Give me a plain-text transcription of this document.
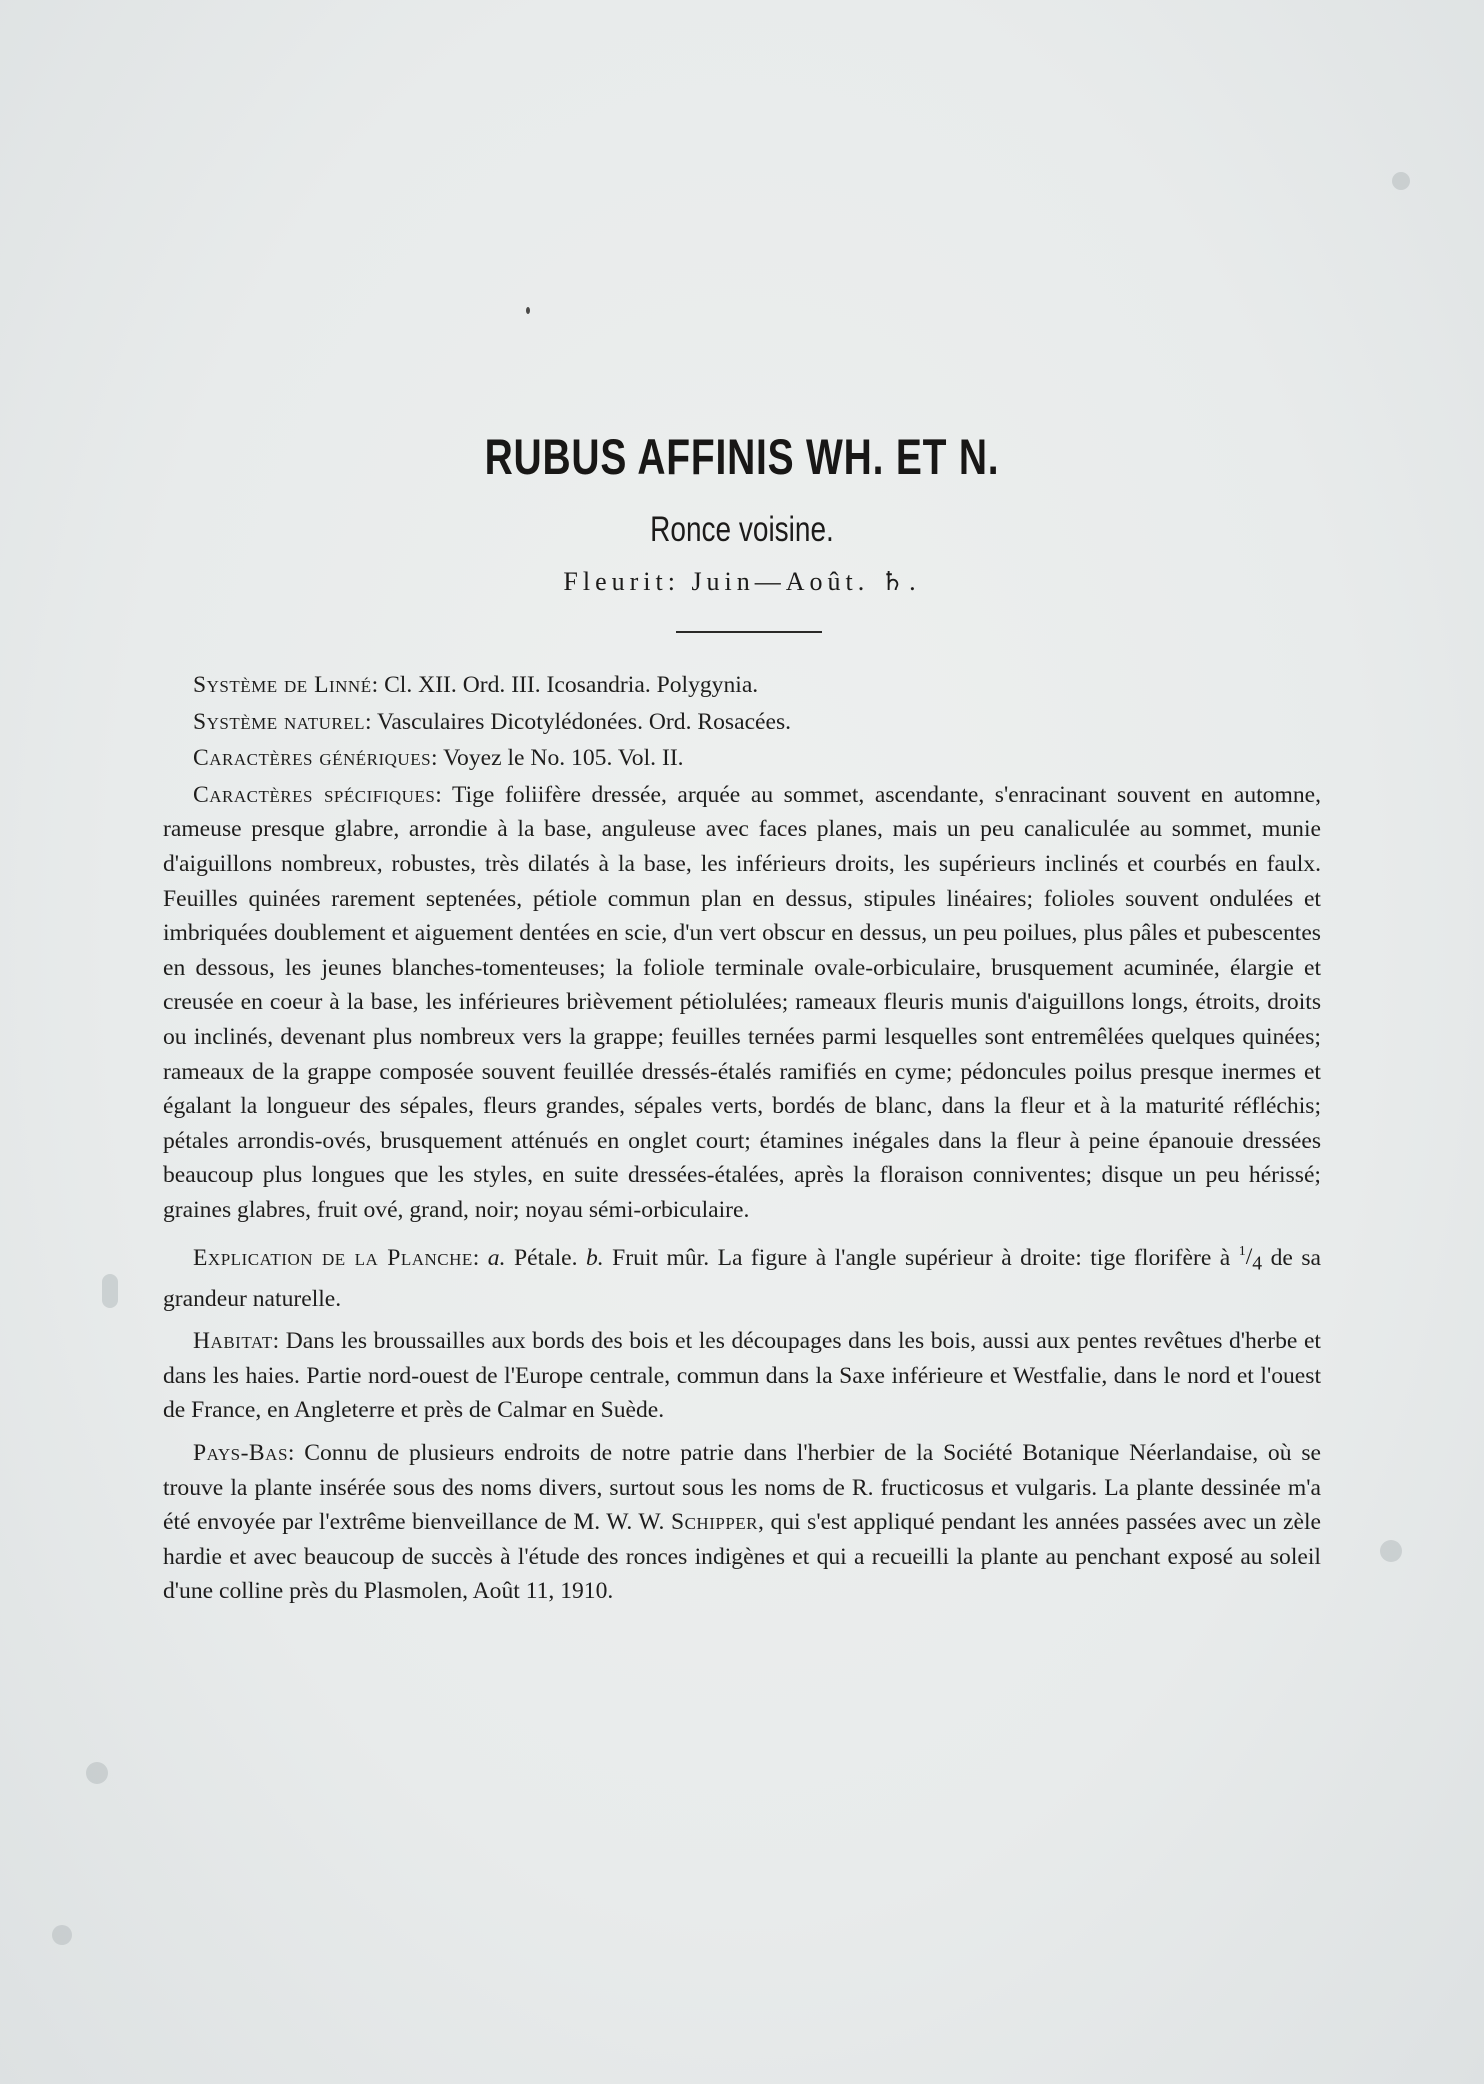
RUBUS AFFINIS WH. ET N.
Ronce voisine.
Fleurit: Juin—Août. ♄.

Système de Linné: Cl. XII. Ord. III. Icosandria. Polygynia.

Système naturel: Vasculaires Dicotylédonées. Ord. Rosacées.

Caractères génériques: Voyez le No. 105. Vol. II.

Caractères spécifiques: Tige foliifère dressée, arquée au sommet, ascendante, s'enracinant souvent en automne, rameuse presque glabre, arrondie à la base, anguleuse avec faces planes, mais un peu canaliculée au sommet, munie d'aiguillons nombreux, robustes, très dilatés à la base, les inférieurs droits, les supérieurs inclinés et courbés en faulx. Feuilles quinées rarement septenées, pétiole commun plan en dessus, stipules linéaires; folioles souvent ondulées et imbriquées doublement et aiguement dentées en scie, d'un vert obscur en dessus, un peu poilues, plus pâles et pubescentes en dessous, les jeunes blanches-tomenteuses; la foliole terminale ovale-orbiculaire, brusquement acuminée, élargie et creusée en coeur à la base, les inférieures brièvement pétiolulées; rameaux fleuris munis d'aiguillons longs, étroits, droits ou inclinés, devenant plus nombreux vers la grappe; feuilles ternées parmi lesquelles sont entremêlées quelques quinées; rameaux de la grappe composée souvent feuillée dressés-étalés ramifiés en cyme; pédoncules poilus presque inermes et égalant la longueur des sépales, fleurs grandes, sépales verts, bordés de blanc, dans la fleur et à la maturité réfléchis; pétales arrondis-ovés, brusquement atténués en onglet court; étamines inégales dans la fleur à peine épanouie dressées beaucoup plus longues que les styles, en suite dressées-étalées, après la floraison conniventes; disque un peu hérissé; graines glabres, fruit ové, grand, noir; noyau sémi-orbiculaire.

Explication de la Planche: a. Pétale. b. Fruit mûr. La figure à l'angle supérieur à droite: tige florifère à $^1/_4$ de sa grandeur naturelle.

Habitat: Dans les broussailles aux bords des bois et les découpages dans les bois, aussi aux pentes revêtues d'herbe et dans les haies. Partie nord-ouest de l'Europe centrale, commun dans la Saxe inférieure et Westfalie, dans le nord et l'ouest de France, en Angleterre et près de Calmar en Suède.

Pays-Bas: Connu de plusieurs endroits de notre patrie dans l'herbier de la Société Botanique Néerlandaise, où se trouve la plante insérée sous des noms divers, surtout sous les noms de R. fructicosus et vulgaris. La plante dessinée m'a été envoyée par l'extrême bienveillance de M. W. W. Schipper, qui s'est appliqué pendant les années passées avec un zèle hardie et avec beaucoup de succès à l'étude des ronces indigènes et qui a recueilli la plante au penchant exposé au soleil d'une colline près du Plasmolen, Août 11, 1910.
